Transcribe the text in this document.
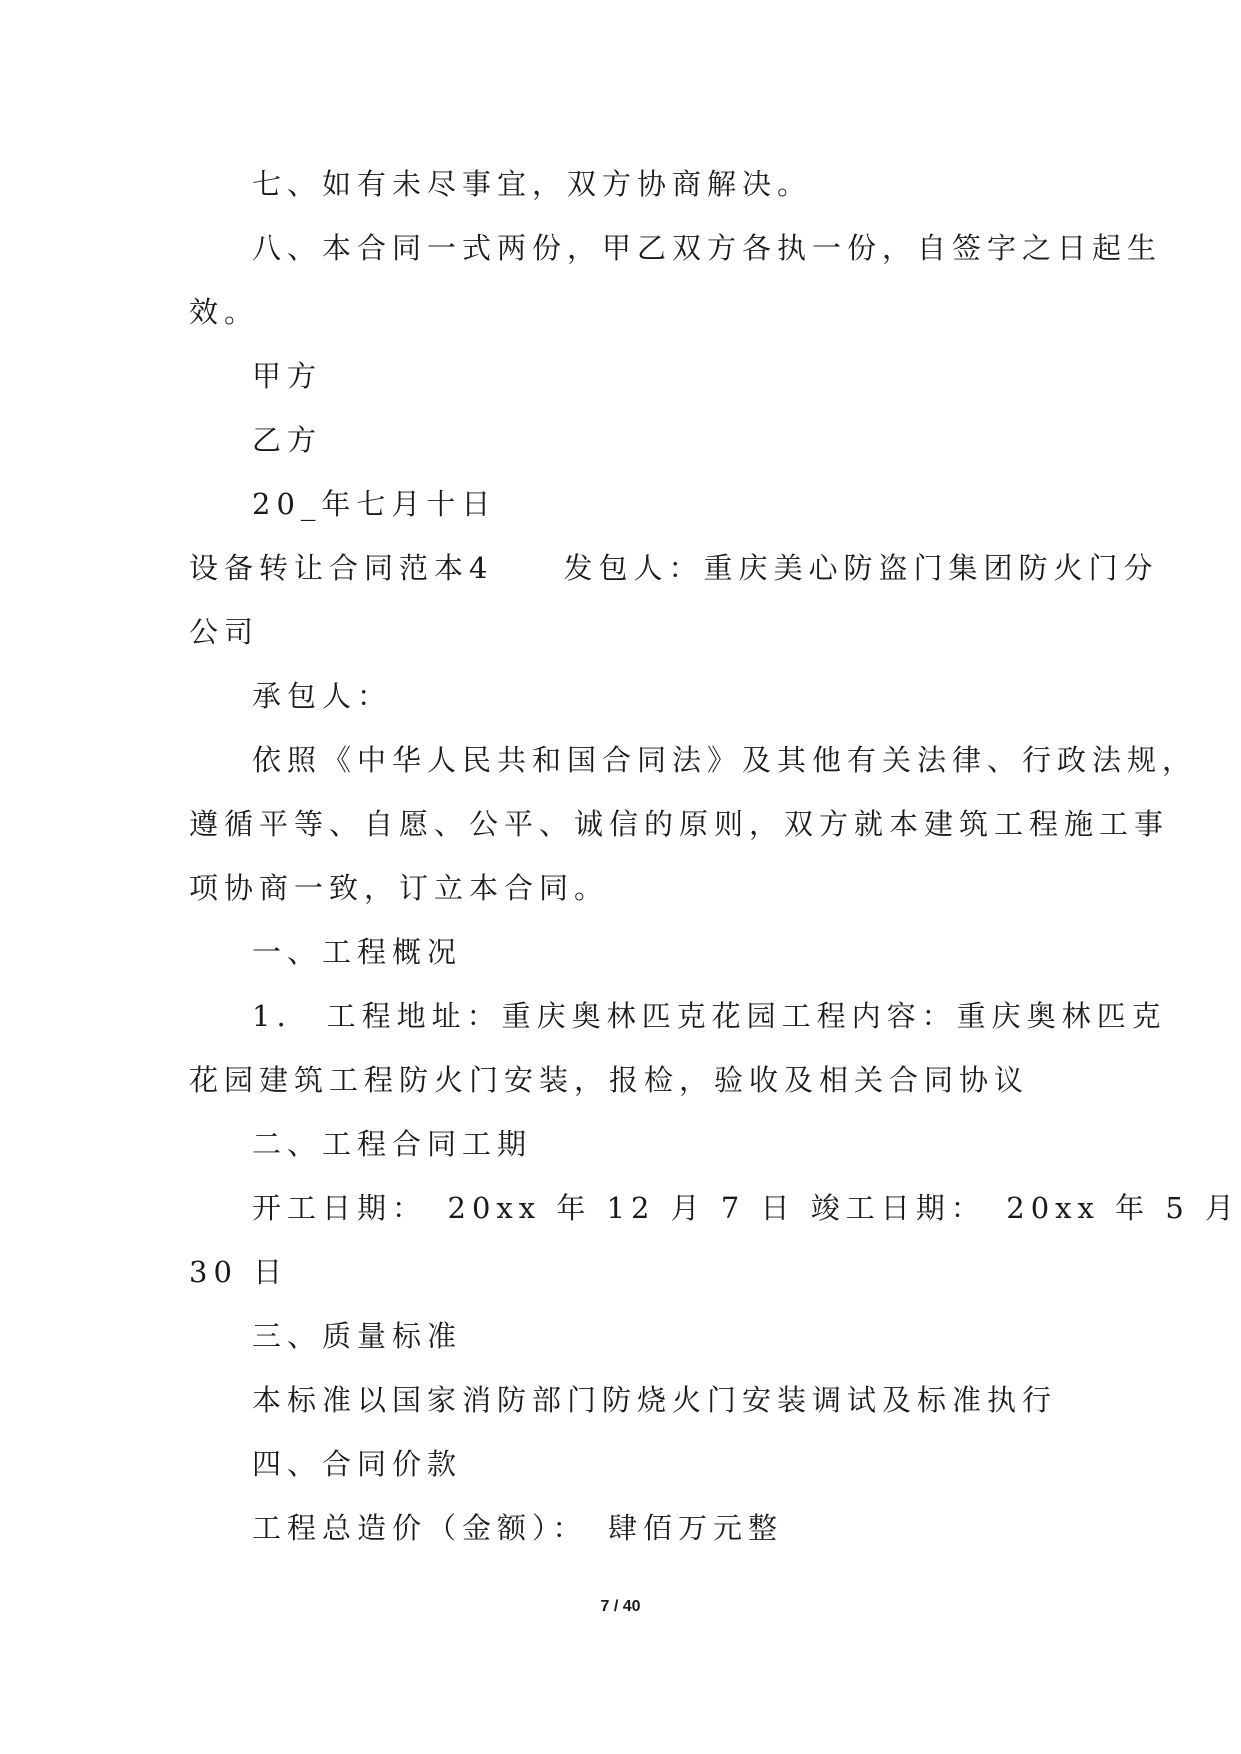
七、如有未尽事宜，双方协商解决。
八、本合同一式两份，甲乙双方各执一份，自签字之日起生
效。
甲方
乙方
20_年七月十日
设备转让合同范本4　　发包人：重庆美心防盗门集团防火门分
公司
承包人：
依照《中华人民共和国合同法》及其他有关法律、行政法规，
遵循平等、自愿、公平、诚信的原则，双方就本建筑工程施工事
项协商一致，订立本合同。
一、工程概况
1.　工程地址：重庆奥林匹克花园工程内容：重庆奥林匹克
花园建筑工程防火门安装，报检，验收及相关合同协议
二、工程合同工期
开工日期：　20xx 年 12 月 7 日 竣工日期：　20xx 年 5 月
30 日
三、质量标准
本标准以国家消防部门防烧火门安装调试及标准执行
四、合同价款
工程总造价（金额）：　肆佰万元整
7 / 40
